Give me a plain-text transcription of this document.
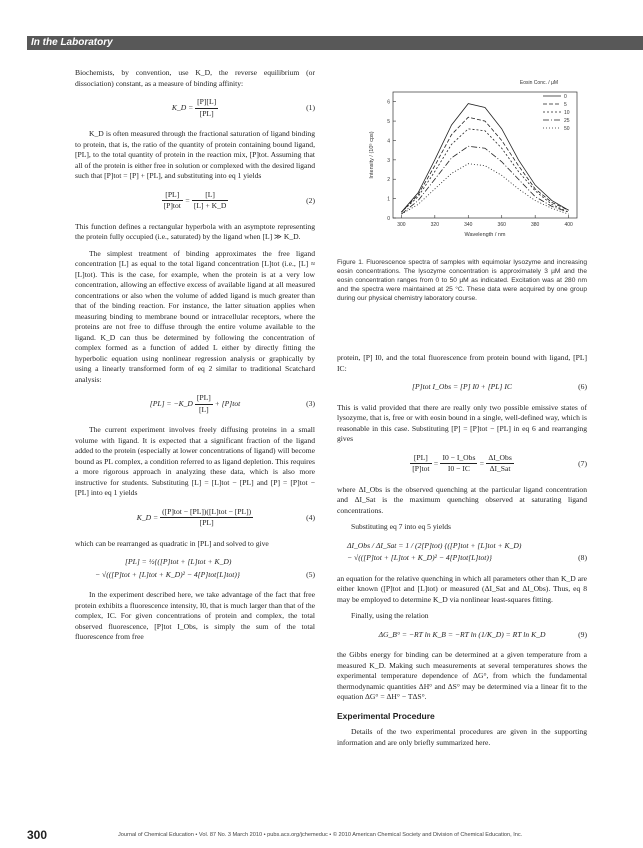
In the Laboratory

Biochemists, by convention, use K_D, the reverse equilibrium (or dissociation) constant, as a measure of binding affinity:

K_D = $\frac{[P][L]}{[PL]}$	(1)

K_D is often measured through the fractional saturation of ligand binding to protein, that is, the ratio of the quantity of protein containing bound ligand, [PL], to the total quantity of protein in the reaction mix, [P]tot. Assuming that all of the protein is either free in solution or complexed with the desired ligand such that [P]tot = [P] + [PL], and substituting into eq 1 yields

$\frac{[PL]}{\text{[P]tot}} = \frac{[L]}{[L] + K\_D}$	(2)

This function defines a rectangular hyperbola with an asymptote representing the protein fully occupied (i.e., saturated) by the ligand when [L] ≫ K_D.

The simplest treatment of binding approximates the free ligand concentration [L] as equal to the total ligand concentration [L]tot (i.e., [L] ≈ [L]tot). This is the case, for example, when the protein is at a very low concentration, allowing an effective excess of available ligand at all measured concentrations or also when the volume of added ligand is much greater than that of the binding reaction. For instance, the latter situation applies when measuring binding to membrane bound or intracellular receptors, where the proteins are not free to diffuse through the entire volume available to the ligand. K_D can thus be determined by following the concentration of complex formed as a function of added L either by directly fitting the hyperbolic equation using nonlinear regression analysis or graphically by using a linearly transformed form of eq 2 similar to traditional Scatchard analysis:

[PL] = −K_D $\frac{[PL]}{[L]} + [P]tot$	(3)

The current experiment involves freely diffusing proteins in a small volume with ligand. It is expected that a significant fraction of the ligand added to the protein (especially at lower concentrations of ligand) will become bound as PL complex, a condition referred to as ligand depletion. This requires a more rigorous approach in analyzing these data, which is also more instructive for students. Substituting [L] = [L]tot − [PL] and [P] = [P]tot − [PL] into eq 1 yields

K_D = $\frac{\text{([P]tot − [PL])([L]tot − [PL])}}{[PL]}$	(4)

which can be rearranged as quadratic in [PL] and solved to give

[PL] = ½{([P]tot + [L]tot + K_D)
− √(([P]tot + [L]tot + K_D)² − 4[P]tot[L]tot)}	(5)

In the experiment described here, we take advantage of the fact that free protein exhibits a fluorescence intensity, I0, that is much larger than that of the complex, IC. For given concentrations of protein and complex, the total observed fluorescence, [P]tot I_Obs, is simply the sum of the total fluorescence from free

300	320	340	360	380	400
0
1
2
3
4
5
6
Wavelength / nm
Intensity / (10⁵ cps)
Eosin Conc. / µM
0
5
10
25
50
Figure 1. Fluorescence spectra of samples with equimolar lysozyme and increasing eosin concentrations. The lysozyme concentration is approximately 3 µM and the eosin concentration ranges from 0 to 50 µM as indicated. Excitation was at 280 nm and the spectra were maintained at 25 °C. These data were acquired by one group during our physical chemistry laboratory course.

protein, [P] I0, and the total fluorescence from protein bound with ligand, [PL] IC:

[P]tot I_Obs = [P] I0 + [PL] IC	(6)

This is valid provided that there are really only two possible emissive states of lysozyme, that is, free or with eosin bound in a single, well-defined way, which is reasonable in this case. Substituting [P] = [P]tot − [PL] in eq 6 and rearranging gives

$\frac{[PL]}{\text{[P]tot}} = \frac{\text{I0 − I\_Obs}}{I0 - IC} = \frac{\text{ΔI\_Obs}}{\text{ΔI\_Sat}}$	(7)

where ΔI_Obs is the observed quenching at the particular ligand concentration and ΔI_Sat is the maximum quenching observed at saturating ligand concentrations.

Substituting eq 7 into eq 5 yields

ΔI_Obs / ΔI_Sat = 1 / (2[P]tot) {([P]tot + [L]tot + K_D)
− √(([P]tot + [L]tot + K_D)² − 4[P]tot[L]tot)}	(8)

an equation for the relative quenching in which all parameters other than K_D are either known ([P]tot and [L]tot) or measured (ΔI_Sat and ΔI_Obs). Thus, eq 8 may be employed to determine K_D via nonlinear least-squares fitting.

Finally, using the relation

ΔG_B° = −RT ln K_B = −RT ln (1/K_D) = RT ln K_D	(9)

the Gibbs energy for binding can be determined at a given temperature from a measured K_D. Making such measurements at several temperatures shows the experimental temperature dependence of ΔG°, from which the fundamental thermodynamic quantities ΔH° and ΔS° may be determined via a linear fit to the equation ΔG° = ΔH° − TΔS°.

Experimental Procedure

Details of the two experimental procedures are given in the supporting information and are only briefly summarized here.

300	Journal of Chemical Education • Vol. 87 No. 3 March 2010 • pubs.acs.org/jchemeduc • © 2010 American Chemical Society and Division of Chemical Education, Inc.
